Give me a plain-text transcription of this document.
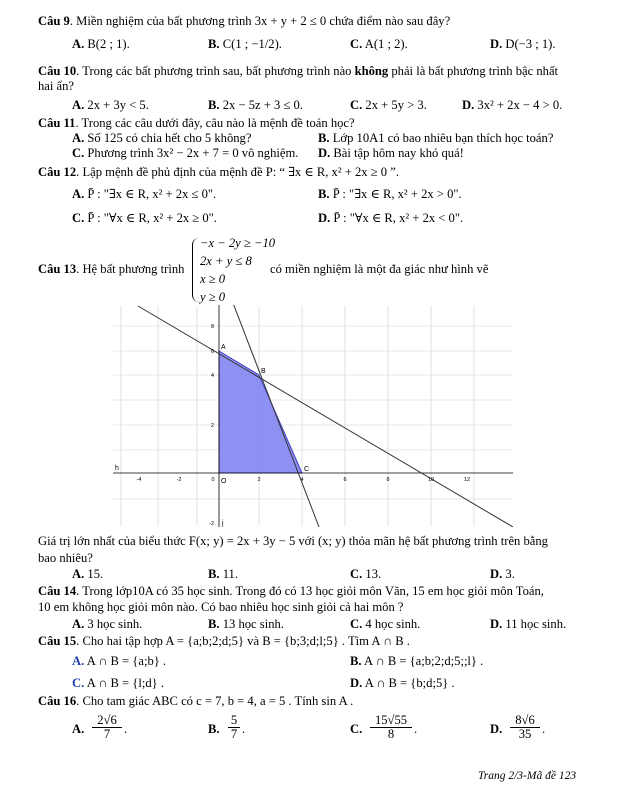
Câu 9. Miền nghiệm của bất phương trình 3x + y + 2 ≤ 0 chứa điểm nào sau đây?
A. B(2 ; 1).	B. C(1 ; −1/2).	C. A(1 ; 2).	D. D(−3 ; 1).
Câu 10. Trong các bất phương trình sau, bất phương trình nào không phải là bất phương trình bậc nhất
hai ẩn?
A. 2x + 3y < 5.	B. 2x − 5z + 3 ≤ 0.	C. 2x + 5y > 3.	D. 3x² + 2x − 4 > 0.
Câu 11. Trong các câu dưới đây, câu nào là mệnh đề toán học?
A. Số 125 có chia hết cho 5 không?	B. Lớp 10A1 có bao nhiêu bạn thích học toán?
C. Phương trình 3x² − 2x + 7 = 0 vô nghiệm. D. Bài tập hôm nay khó quá!
Câu 12. Lập mệnh đề phủ định của mệnh đề P: “ ∃x ∈ R, x² + 2x ≥ 0 ”.
A. P̄ : "∃x ∈ R, x² + 2x ≤ 0".	B. P̄ : "∃x ∈ R, x² + 2x > 0".
C. P̄ : "∀x ∈ R, x² + 2x ≥ 0".	D. P̄ : "∀x ∈ R, x² + 2x < 0".
Câu 13. Hệ bất phương trình
−x − 2y ≥ −10
2x + y ≤ 8
x ≥ 0
y ≥ 0
có miền nghiệm là một đa giác như hình vẽ
-4	-2	0	2	4	6	8	10	12
8
6
4
2
-2
A
B
C
O
h
j
Giá trị lớn nhất của biểu thức F(x; y) = 2x + 3y − 5 với (x; y) thỏa mãn hệ bất phương trình trên bằng
bao nhiêu?
A. 15.	B. 11.	C. 13.	D. 3.
Câu 14. Trong lớp10A có 35 học sinh. Trong đó có 13 học giỏi môn Văn, 15 em học giỏi môn Toán,
10 em không học giỏi môn nào. Có bao nhiêu học sinh giỏi cả hai môn ?
A. 3 học sinh.	B. 13 học sinh.	C. 4 học sinh.	D. 11 học sinh.
Câu 15. Cho hai tập hợp A = {a;b;2;d;5} và B = {b;3;d;l;5} . Tìm A ∩ B .
A. A ∩ B = {a;b} .	B. A ∩ B = {a;b;2;d;5;;l} .
C. A ∩ B = {l;d} .	D. A ∩ B = {b;d;5} .
Câu 16. Cho tam giác ABC có c = 7, b = 4, a = 5 . Tính sin A .
A. $\frac{2√6}{7}$ .	B. $\frac{5}{7}$ .	C. $\frac{15√55}{8}$ .	D. $\frac{8√6}{35}$ .
Trang 2/3-Mã đề 123
